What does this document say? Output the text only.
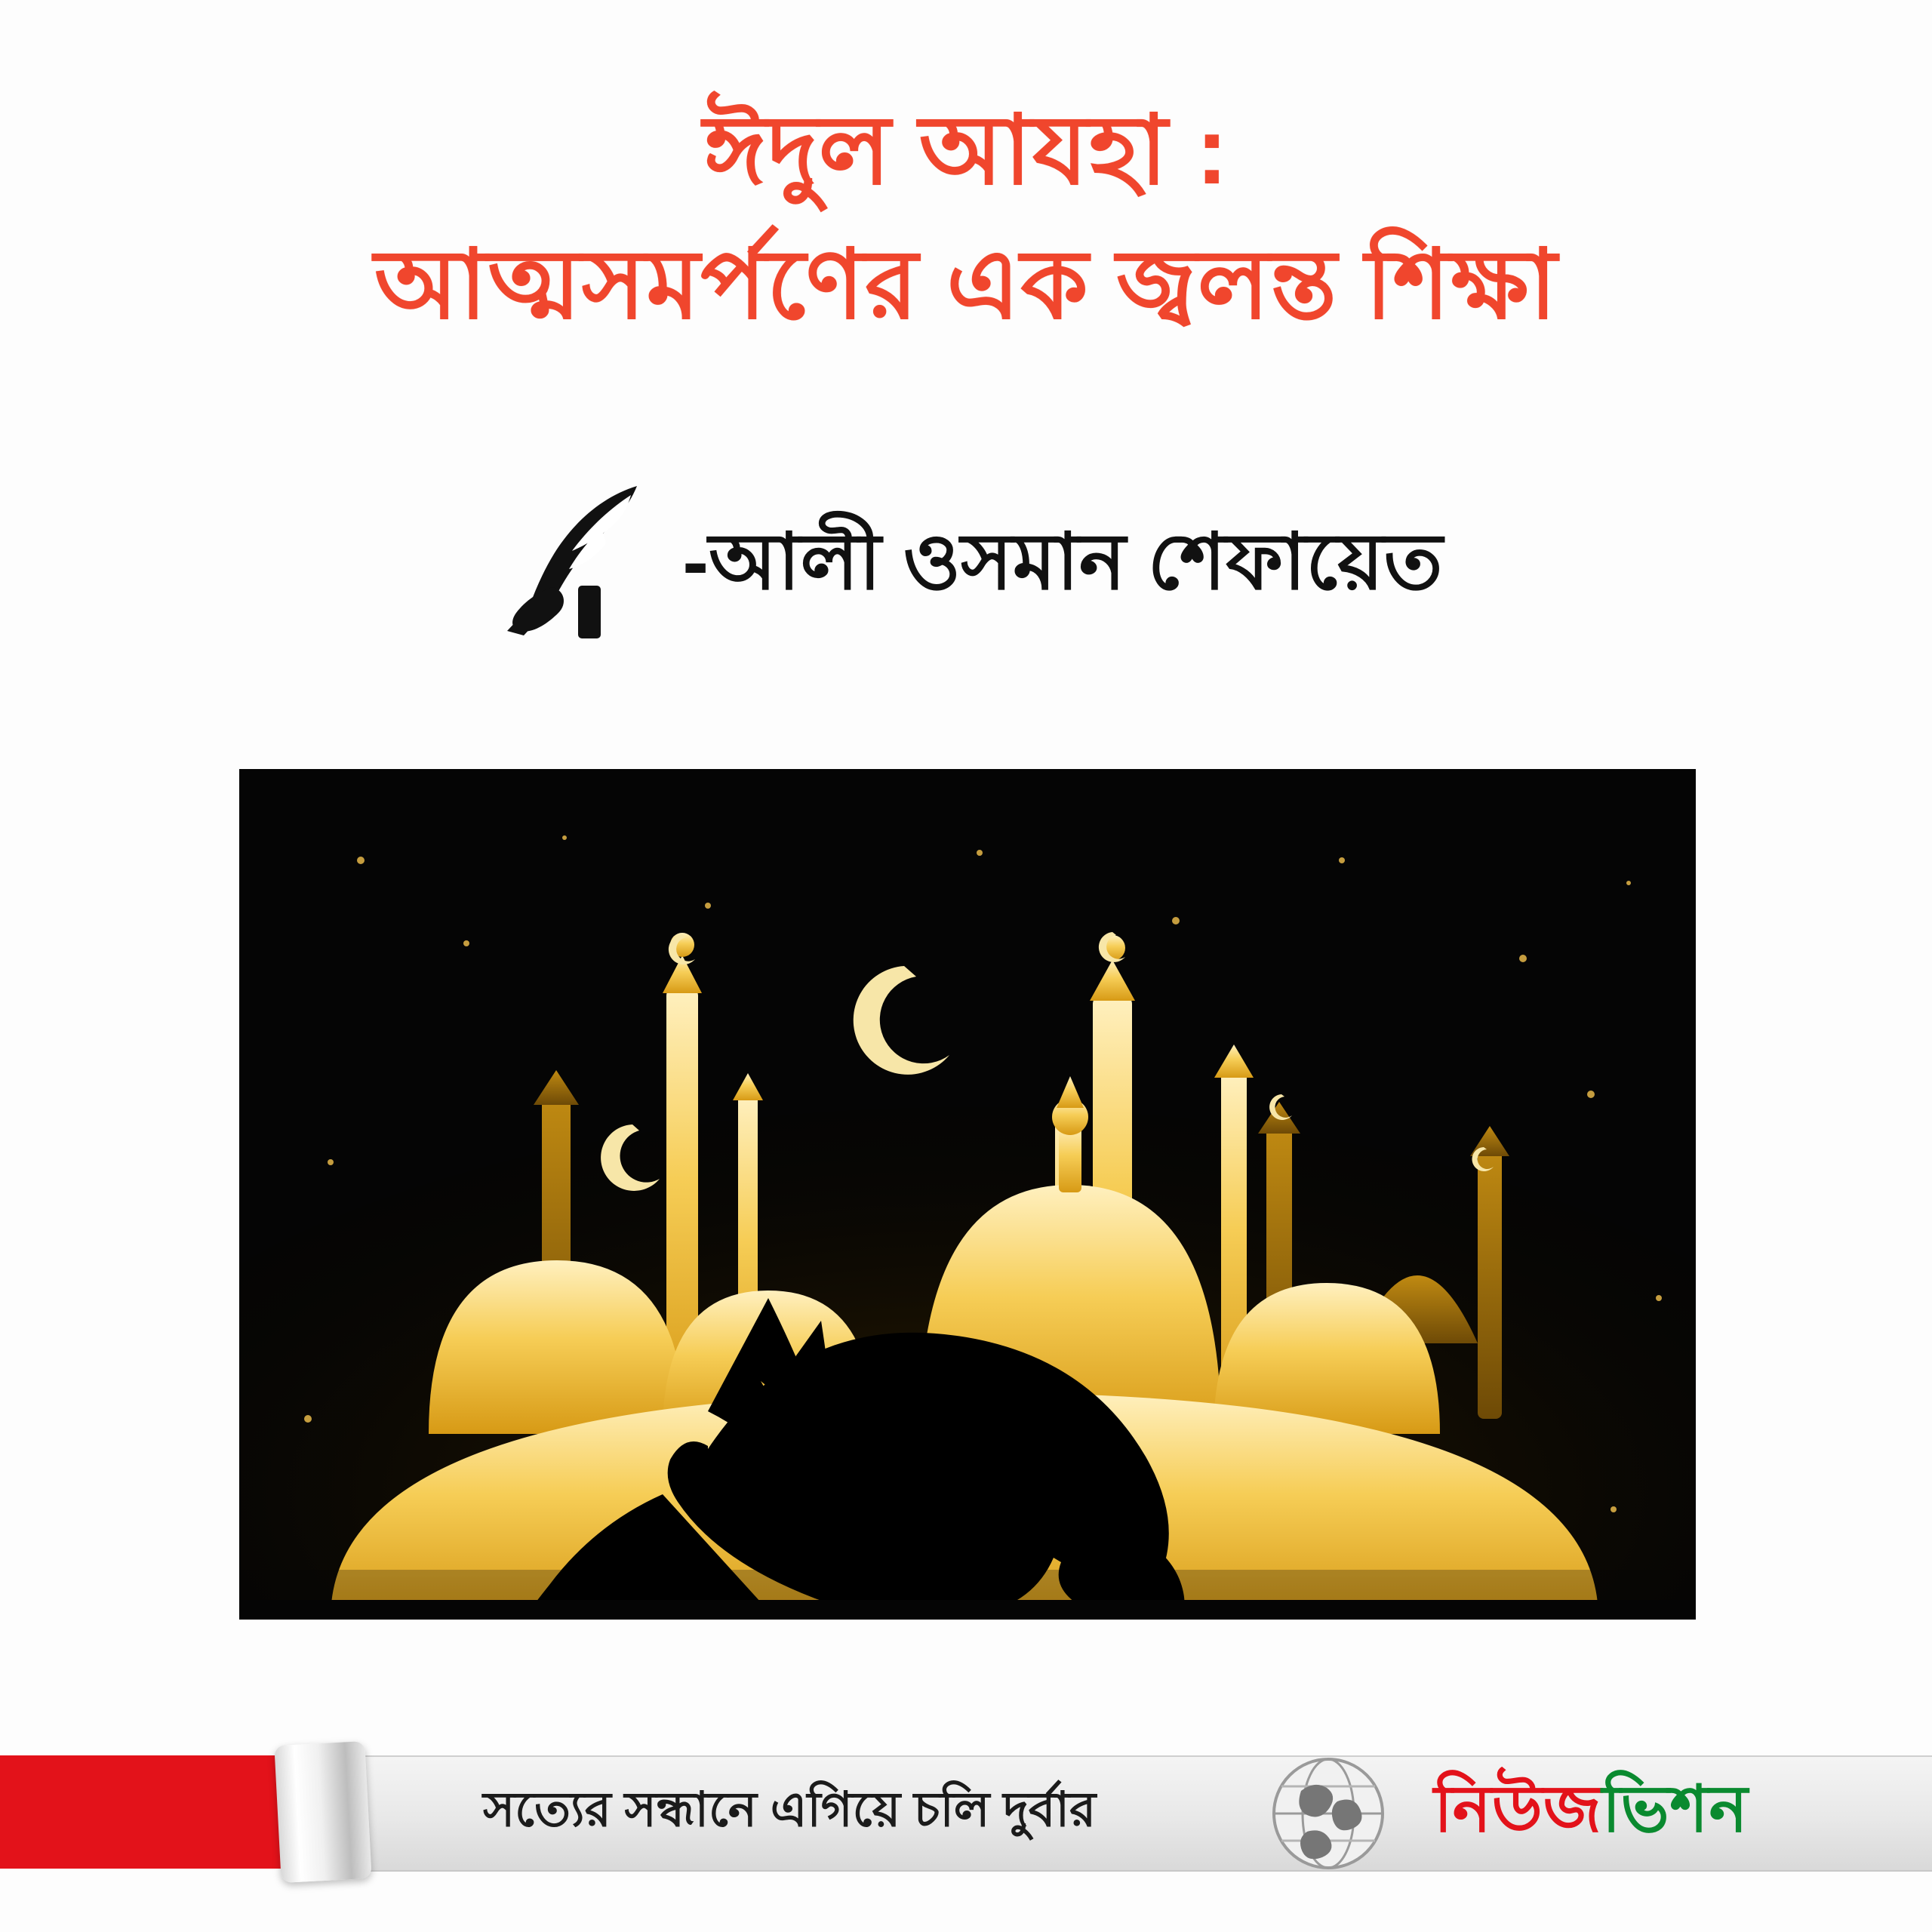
ঈদুল আযহা :
আত্মসমর্পণের এক জ্বলন্ত শিক্ষা
-আলী ওসমান শেফায়েত
সত্যের সন্ধানে এগিয়ে চলি দুর্বার	নিউজভিশন
